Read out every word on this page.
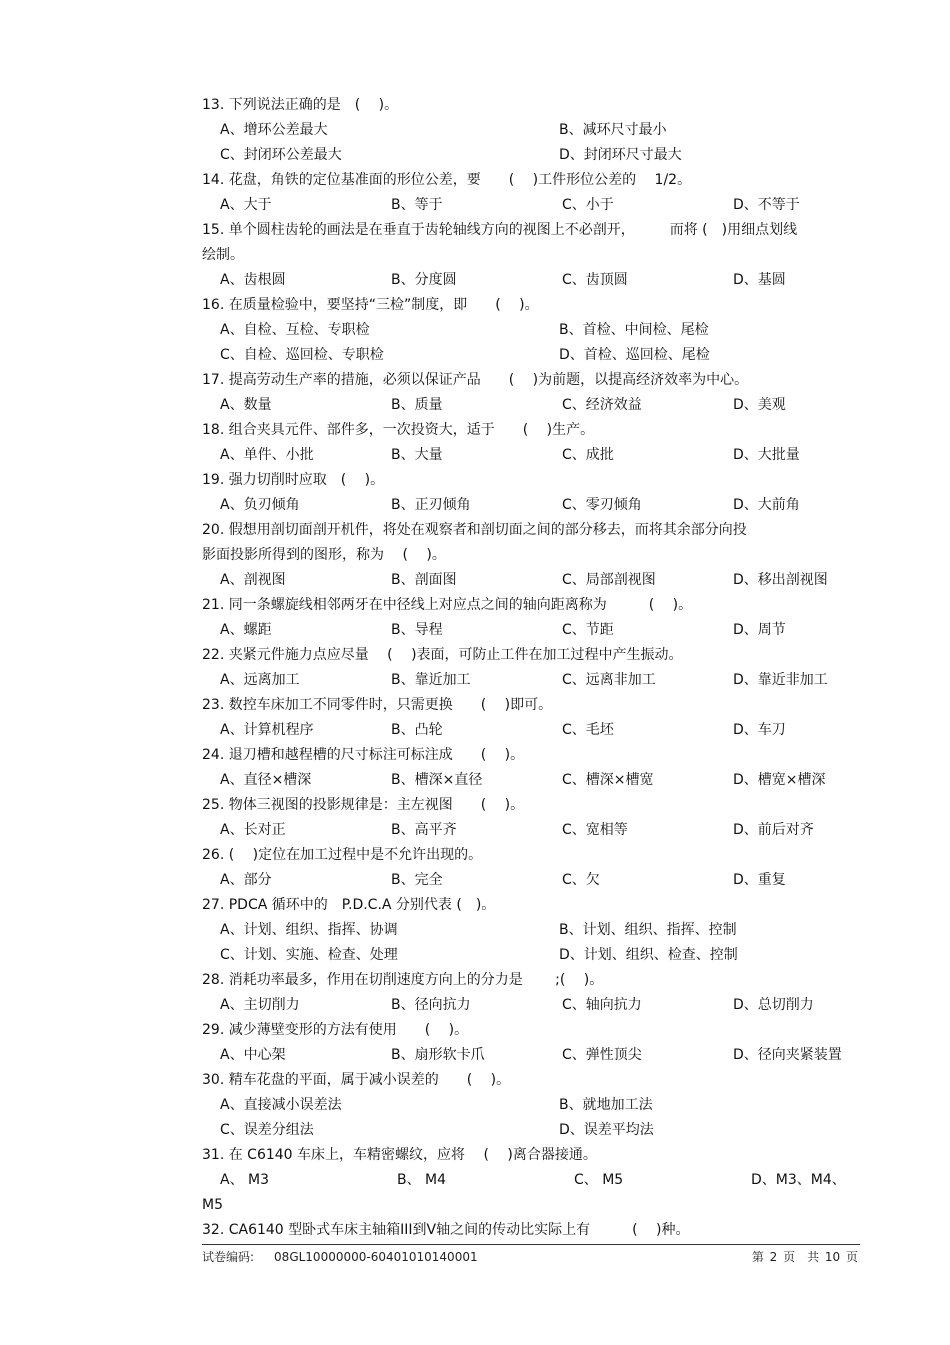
13. 下列说法正确的是　(　 )。
A、增环公差最大	B、减环尺寸最小
C、封闭环公差最大	D、封闭环尺寸最大
14. 花盘，角铁的定位基准面的形位公差，要　　(　 )工件形位公差的　 1/2。
A、大于	B、等于	C、小于	D、不等于
15. 单个圆柱齿轮的画法是在垂直于齿轮轴线方向的视图上不必剖开，　　　而将 (　)用细点划线
绘制。
A、齿根圆	B、分度圆	C、齿顶圆	D、基圆
16. 在质量检验中，要坚持“三检”制度，即　　(　 )。
A、自检、互检、专职检	B、首检、中间检、尾检
C、自检、巡回检、专职检	D、首检、巡回检、尾检
17. 提高劳动生产率的措施，必须以保证产品　　(　 )为前题，以提高经济效率为中心。
A、数量	B、质量	C、经济效益	D、美观
18. 组合夹具元件、部件多，一次投资大，适于　　(　 )生产。
A、单件、小批	B、大量	C、成批	D、大批量
19. 强力切削时应取　(　 )。
A、负刃倾角	B、正刃倾角	C、零刃倾角	D、大前角
20. 假想用剖切面剖开机件，将处在观察者和剖切面之间的部分移去，而将其余部分向投
影面投影所得到的图形，称为　 (　 )。
A、剖视图	B、剖面图	C、局部剖视图	D、移出剖视图
21. 同一条螺旋线相邻两牙在中径线上对应点之间的轴向距离称为　　　(　 )。
A、螺距	B、导程	C、节距	D、周节
22. 夹紧元件施力点应尽量　 (　 )表面，可防止工件在加工过程中产生振动。
A、远离加工	B、靠近加工	C、远离非加工	D、靠近非加工
23. 数控车床加工不同零件时，只需更换　　(　 )即可。
A、计算机程序	B、凸轮	C、毛坯	D、车刀
24. 退刀槽和越程槽的尺寸标注可标注成　　(　 )。
A、直径×槽深	B、槽深×直径	C、槽深×槽宽	D、槽宽×槽深
25. 物体三视图的投影规律是：主左视图　　(　 )。
A、长对正	B、高平齐	C、宽相等	D、前后对齐
26. (　 )定位在加工过程中是不允许出现的。
A、部分	B、完全	C、欠	D、重复
27. PDCA 循环中的　P.D.C.A 分别代表 (　)。
A、计划、组织、指挥、协调	B、计划、组织、指挥、控制
C、计划、实施、检查、处理	D、计划、组织、检查、控制
28. 消耗功率最多，作用在切削速度方向上的分力是　　 ;(　 )。
A、主切削力	B、径向抗力	C、轴向抗力	D、总切削力
29. 减少薄壁变形的方法有使用　　(　 )。
A、中心架	B、扇形软卡爪	C、弹性顶尖	D、径向夹紧装置
30. 精车花盘的平面，属于减小误差的　　(　 )。
A、直接减小误差法	B、就地加工法
C、误差分组法	D、误差平均法
31. 在 C6140 车床上，车精密螺纹，应将　 (　 )离合器接通。
A、 M3	B、 M4	C、 M5	D、M3、M4、
M5
32. CA6140 型卧式车床主轴箱III到Ⅴ轴之间的传动比实际上有　　　(　 )种。
试卷编码: 08GL10000000-60401010140001	第 2 页　共 10 页
